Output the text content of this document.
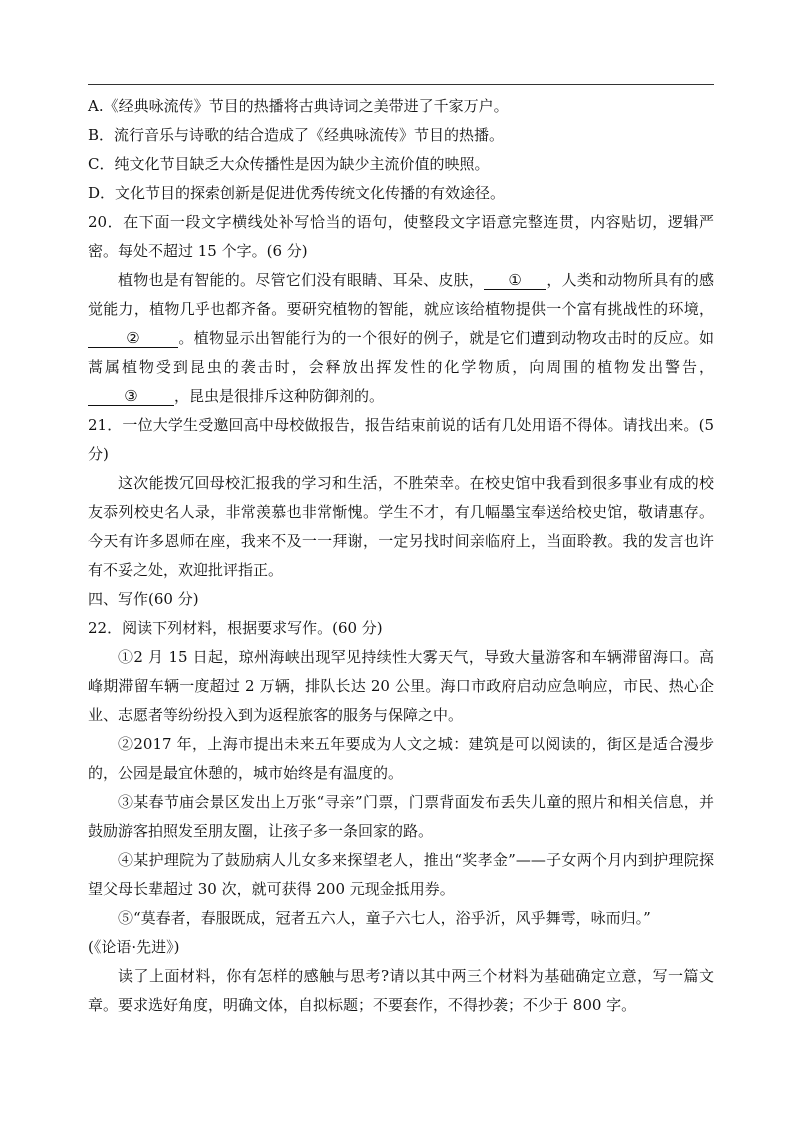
A.《经典咏流传》节目的热播将古典诗词之美带进了千家万户。

B．流行音乐与诗歌的结合造成了《经典咏流传》节目的热播。

C．纯文化节目缺乏大众传播性是因为缺少主流价值的映照。

D．文化节目的探索创新是促进优秀传统文化传播的有效途径。

20．在下面一段文字横线处补写恰当的语句，使整段文字语意完整连贯，内容贴切，逻辑严密。每处不超过 15 个字。(6 分)

植物也是有智能的。尽管它们没有眼睛、耳朵、皮肤， ① ，人类和动物所具有的感觉能力，植物几乎也都齐备。要研究植物的智能，就应该给植物提供一个富有挑战性的环境，②	。植物显示出智能行为的一个很好的例子，就是它们遭到动物攻击时的反应。如蒿属植物受到昆虫的袭击时，会释放出挥发性的化学物质，向周围的植物发出警告，③ ，昆虫是很排斥这种防御剂的。

21．一位大学生受邀回高中母校做报告，报告结束前说的话有几处用语不得体。请找出来。(5 分)

这次能拨冗回母校汇报我的学习和生活，不胜荣幸。在校史馆中我看到很多事业有成的校友忝列校史名人录，非常羡慕也非常惭愧。学生不才，有几幅墨宝奉送给校史馆，敬请惠存。今天有许多恩师在座，我来不及一一拜谢，一定另找时间亲临府上，当面聆教。我的发言也许有不妥之处，欢迎批评指正。

四、写作(60 分)

22．阅读下列材料，根据要求写作。(60 分)

①2 月 15 日起，琼州海峡出现罕见持续性大雾天气，导致大量游客和车辆滞留海口。高峰期滞留车辆一度超过 2 万辆，排队长达 20 公里。海口市政府启动应急响应，市民、热心企业、志愿者等纷纷投入到为返程旅客的服务与保障之中。

②2017 年，上海市提出未来五年要成为人文之城：建筑是可以阅读的，街区是适合漫步的，公园是最宜休憩的，城市始终是有温度的。

③某春节庙会景区发出上万张“寻亲”门票，门票背面发布丢失儿童的照片和相关信息，并鼓励游客拍照发至朋友圈，让孩子多一条回家的路。

④某护理院为了鼓励病人儿女多来探望老人，推出“奖孝金”——子女两个月内到护理院探望父母长辈超过 30 次，就可获得 200 元现金抵用券。

⑤“莫春者，春服既成，冠者五六人，童子六七人，浴乎沂，风乎舞雩，咏而归。”

(《论语·先进》)

读了上面材料，你有怎样的感触与思考?请以其中两三个材料为基础确定立意，写一篇文章。要求选好角度，明确文体，自拟标题；不要套作，不得抄袭；不少于 800 字。
